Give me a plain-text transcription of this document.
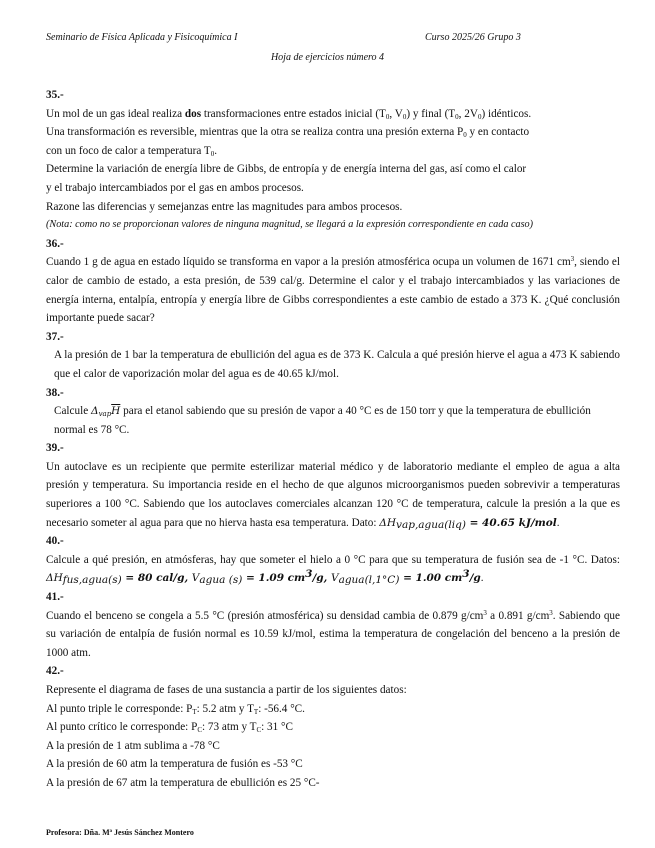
Seminario de Física Aplicada y Fisicoquímica I	Curso 2025/26 Grupo 3
Hoja de ejercicios número 4

35.-

Un mol de un gas ideal realiza dos transformaciones entre estados inicial ($T_0$, $V_0$) y final ($T_0$, $2V_0$) idénticos.

Una transformación es reversible, mientras que la otra se realiza contra una presión externa $P_0$ y en contacto

con un foco de calor a temperatura $T_0$.

Determine la variación de energía libre de Gibbs, de entropía y de energía interna del gas, así como el calor

y el trabajo intercambiados por el gas en ambos procesos.

Razone las diferencias y semejanzas entre las magnitudes para ambos procesos.

(Nota: como no se proporcionan valores de ninguna magnitud, se llegará a la expresión correspondiente en cada caso)

36.-

Cuando 1 g de agua en estado líquido se transforma en vapor a la presión atmosférica ocupa un volumen de 1671 $cm^3$, siendo el calor de cambio de estado, a esta presión, de 539 cal/g. Determine el calor y el trabajo intercambiados y las variaciones de energía interna, entalpía, entropía y energía libre de Gibbs correspondientes a este cambio de estado a 373 K. ¿Qué conclusión importante puede sacar?

37.-

A la presión de 1 bar la temperatura de ebullición del agua es de 373 K. Calcula a qué presión hierve el agua a 473 K sabiendo que el calor de vaporización molar del agua es de 40.65 kJ/mol.

38.-

Calcule $\Delta_{vap}\overline{H}$ para el etanol sabiendo que su presión de vapor a 40 °C es de 150 torr y que la temperatura de ebullición normal es 78 °C.

39.-

Un autoclave es un recipiente que permite esterilizar material médico y de laboratorio mediante el empleo de agua a alta presión y temperatura. Su importancia reside en el hecho de que algunos microorganismos pueden sobrevivir a temperaturas superiores a 100 °C. Sabiendo que los autoclaves comerciales alcanzan 120 °C de temperatura, calcule la presión a la que es necesario someter al agua para que no hierva hasta esa temperatura. Dato: $\Delta H_{vap,agua(liq)} = 40.65$ kJ/mol.

40.-

Calcule a qué presión, en atmósferas, hay que someter el hielo a 0 °C para que su temperatura de fusión sea de -1 °C. Datos: $\Delta H_{fus,agua(s)} = 80$ cal/g, $V_{agua (s)} = 1.09$ $cm^3/g$, $V_{agua(l,1^\circ C)} = 1.00$ $cm^3/g$.

41.-

Cuando el benceno se congela a 5.5 °C (presión atmosférica) su densidad cambia de 0.879 $g/cm^3$ a 0.891 $g/cm^3$. Sabiendo que su variación de entalpía de fusión normal es 10.59 kJ/mol, estima la temperatura de congelación del benceno a la presión de 1000 atm.

42.-

Represente el diagrama de fases de una sustancia a partir de los siguientes datos:

Al punto triple le corresponde: $P_T$: 5.2 atm y $T_T$: -56.4 °C.

Al punto crítico le corresponde: $P_C$: 73 atm y $T_C$: 31 °C

A la presión de 1 atm sublima a -78 °C

A la presión de 60 atm la temperatura de fusión es -53 °C

A la presión de 67 atm la temperatura de ebullición es 25 °C-

Profesora: Dña. Mª Jesús Sánchez Montero
